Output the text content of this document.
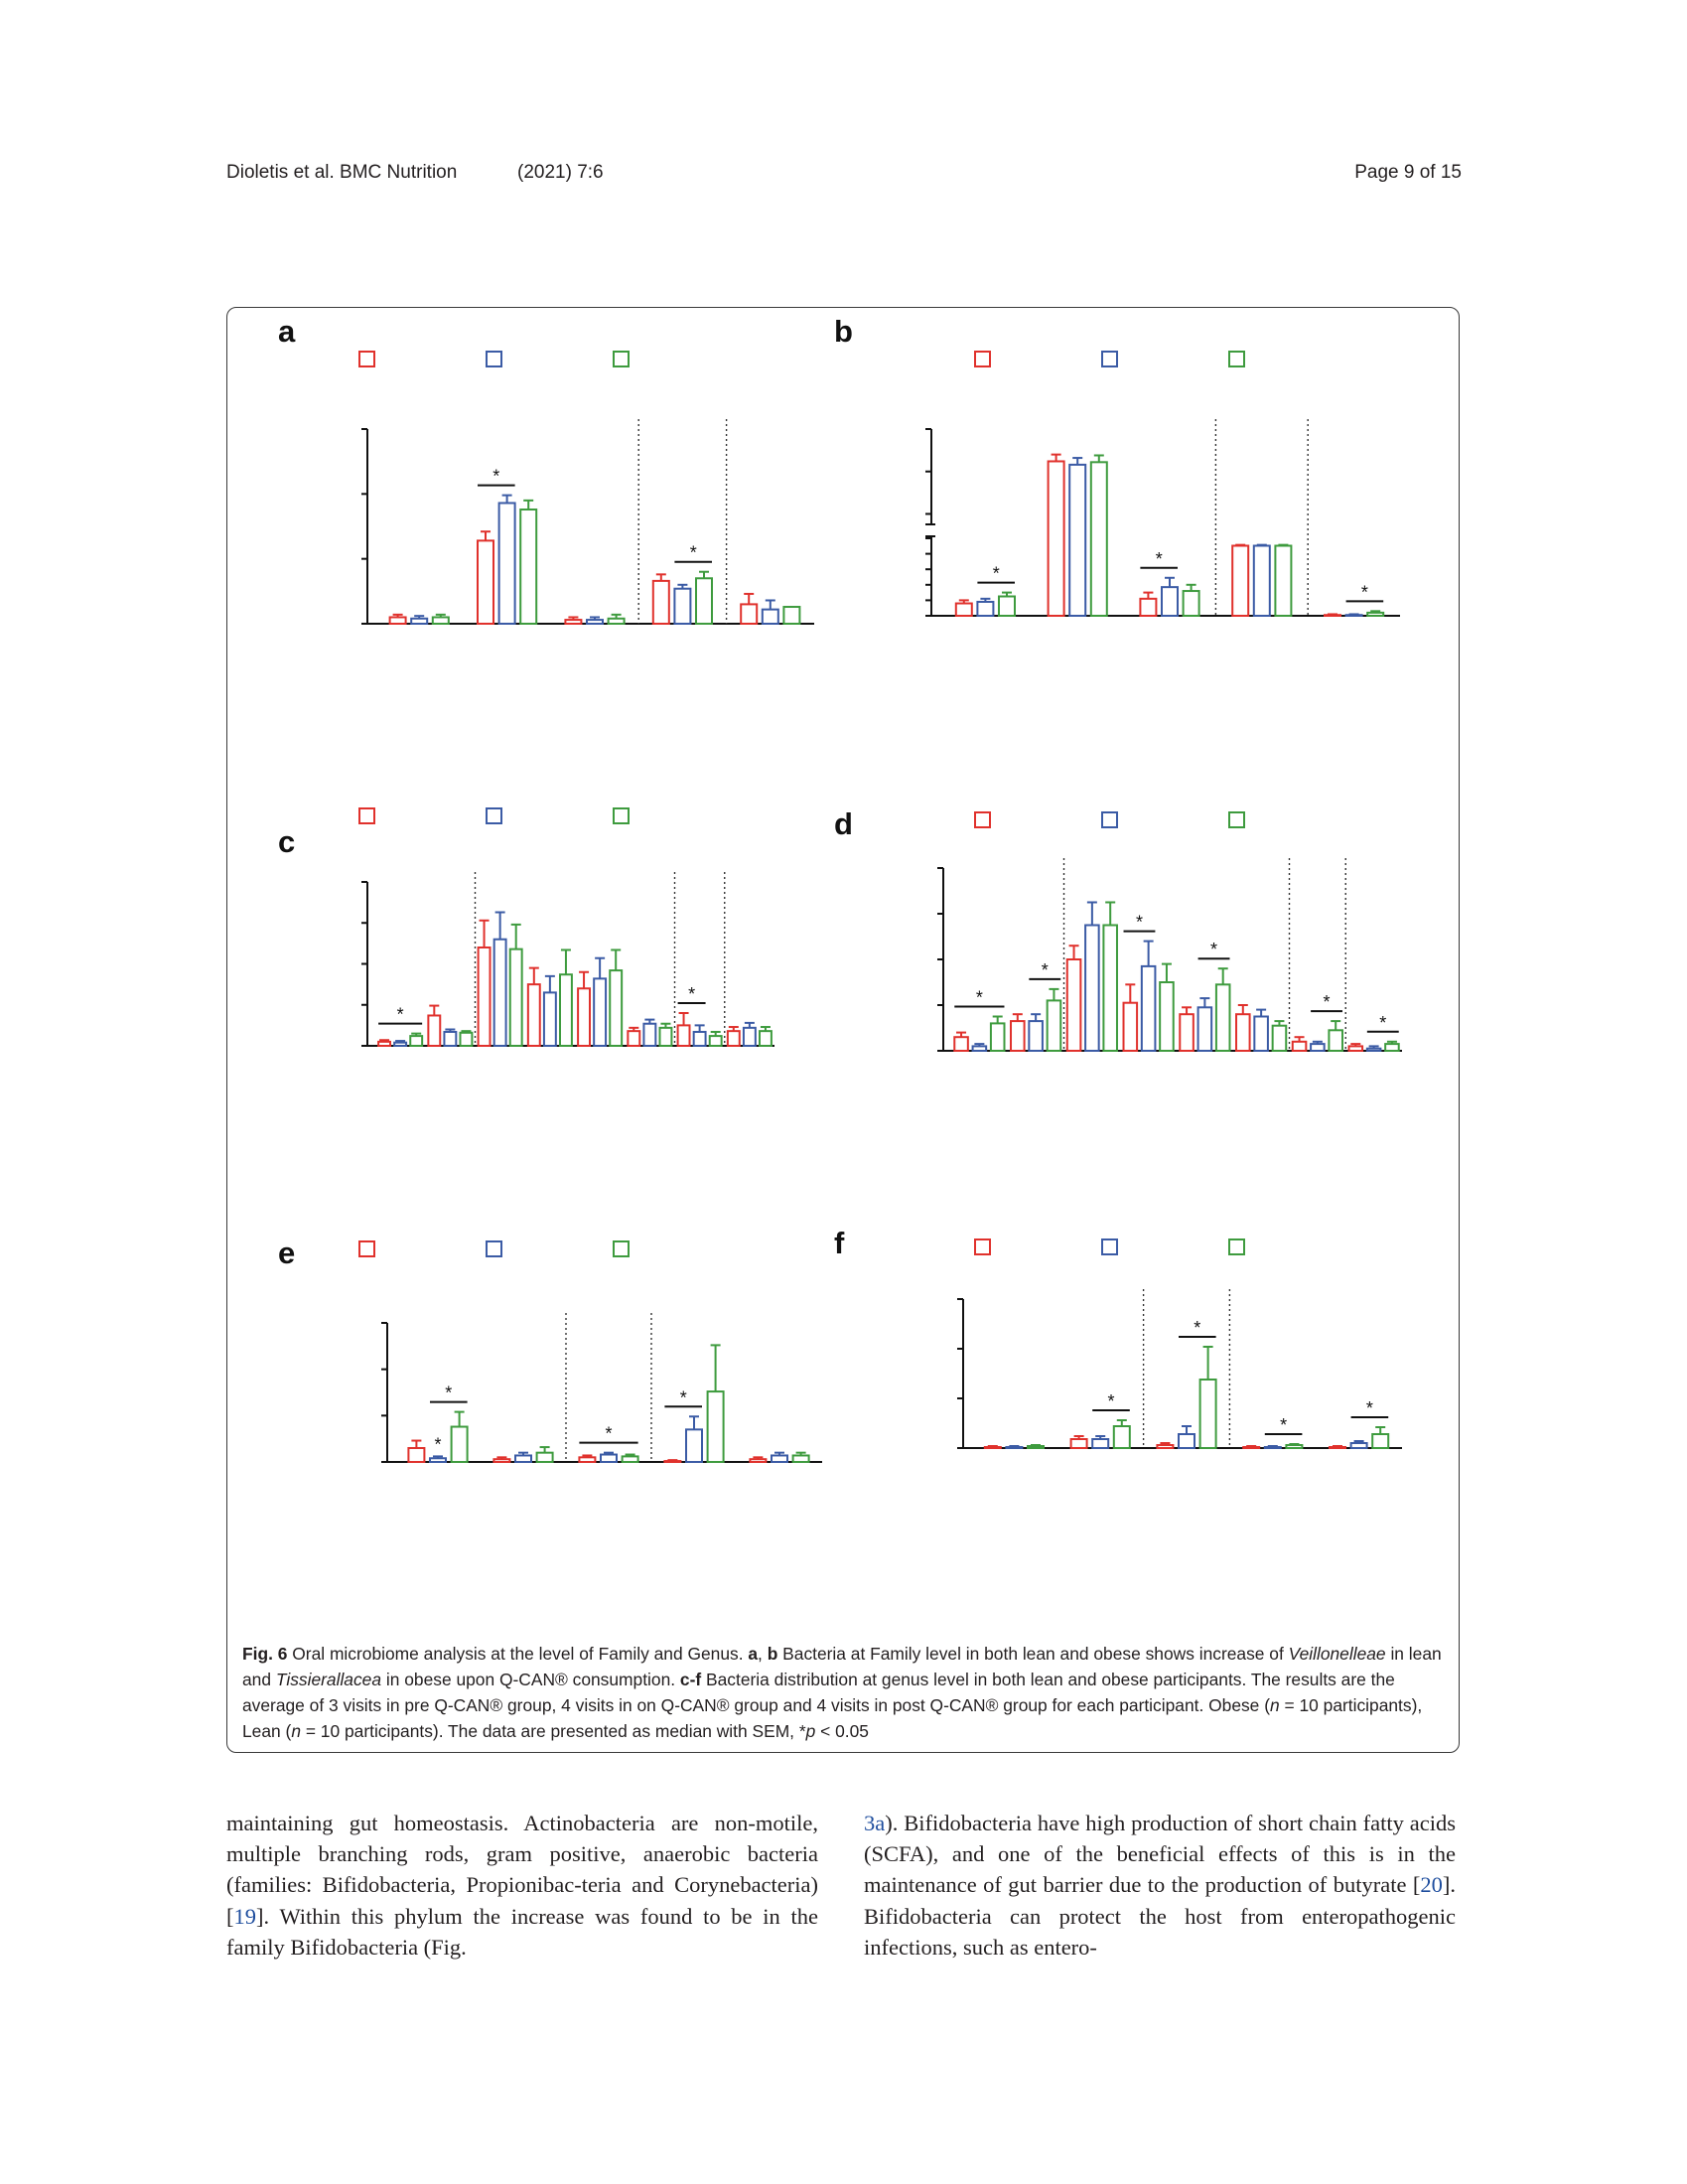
Dioletis et al. BMC Nutrition	(2021) 7:6	Page 9 of 15
a
*
*
b
*
*
*
c
*
*
d
*
*
*
*
*
*
e
*
*
*
*
f
*
*
*
*
Fig. 6 Oral microbiome analysis at the level of Family and Genus. a, b Bacteria at Family level in both lean and obese shows increase of Veillonelleae in lean and Tissierallacea in obese upon Q-CAN® consumption. c-f Bacteria distribution at genus level in both lean and obese participants. The results are the average of 3 visits in pre Q-CAN® group, 4 visits in on Q-CAN® group and 4 visits in post Q-CAN® group for each participant. Obese (n = 10 participants), Lean (n = 10 participants). The data are presented as median with SEM, *p < 0.05
maintaining gut homeostasis. Actinobacteria are non-motile, multiple branching rods, gram positive, anaerobic bacteria (families: Bifidobacteria, Propionibac-teria and Corynebacteria) [19]. Within this phylum the increase was found to be in the family Bifidobacteria (Fig.
3a). Bifidobacteria have high production of short chain fatty acids (SCFA), and one of the beneficial effects of this is in the maintenance of gut barrier due to the production of butyrate [20]. Bifidobacteria can protect the host from enteropathogenic infections, such as entero-
